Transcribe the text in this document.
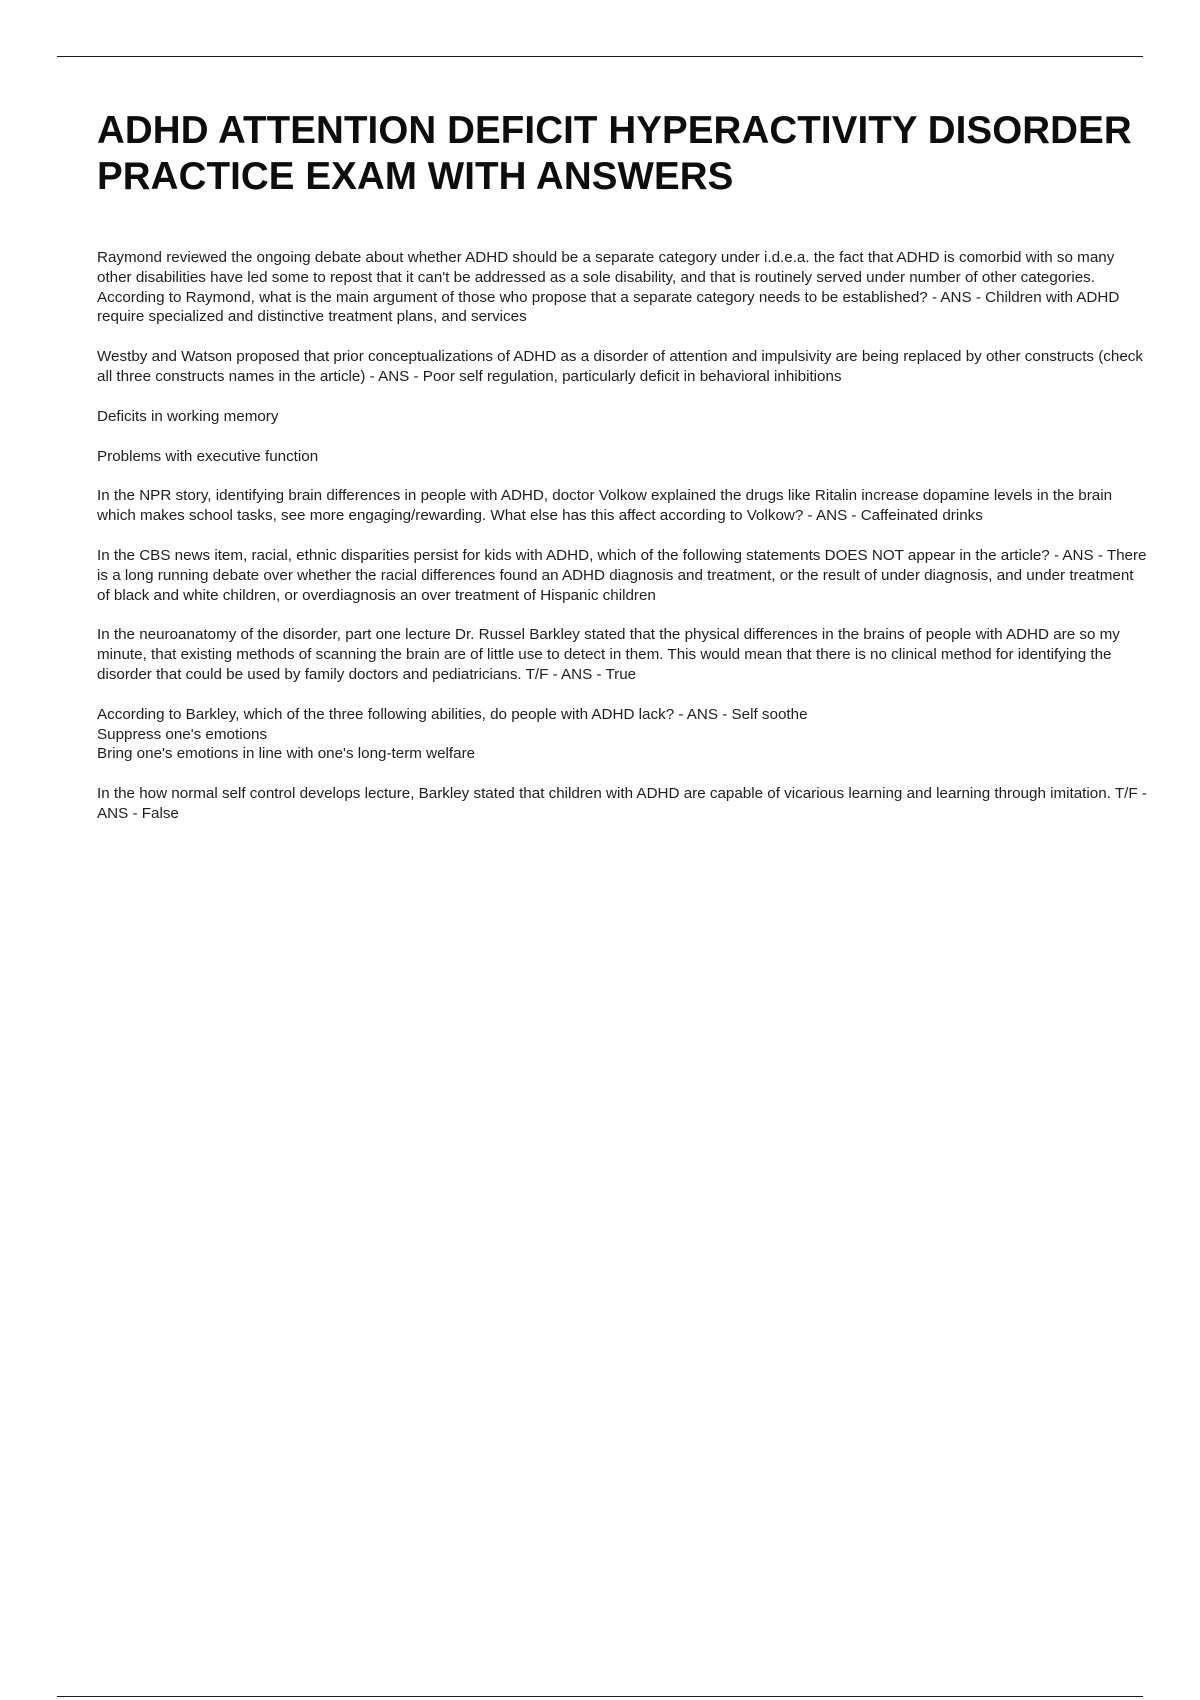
ADHD ATTENTION DEFICIT HYPERACTIVITY DISORDER PRACTICE EXAM WITH ANSWERS

Raymond reviewed the ongoing debate about whether ADHD should be a separate category under i.d.e.a. the fact that ADHD is comorbid with so many other disabilities have led some to repost that it can't be addressed as a sole disability, and that is routinely served under number of other categories. According to Raymond, what is the main argument of those who propose that a separate category needs to be established? - ANS - Children with ADHD require specialized and distinctive treatment plans, and services

Westby and Watson proposed that prior conceptualizations of ADHD as a disorder of attention and impulsivity are being replaced by other constructs (check all three constructs names in the article) - ANS - Poor self regulation, particularly deficit in behavioral inhibitions

Deficits in working memory

Problems with executive function

In the NPR story, identifying brain differences in people with ADHD, doctor Volkow explained the drugs like Ritalin increase dopamine levels in the brain which makes school tasks, see more engaging/rewarding. What else has this affect according to Volkow? - ANS - Caffeinated drinks

In the CBS news item, racial, ethnic disparities persist for kids with ADHD, which of the following statements DOES NOT appear in the article? - ANS - There is a long running debate over whether the racial differences found an ADHD diagnosis and treatment, or the result of under diagnosis, and under treatment of black and white children, or overdiagnosis an over treatment of Hispanic children

In the neuroanatomy of the disorder, part one lecture Dr. Russel Barkley stated that the physical differences in the brains of people with ADHD are so my minute, that existing methods of scanning the brain are of little use to detect in them. This would mean that there is no clinical method for identifying the disorder that could be used by family doctors and pediatricians. T/F - ANS - True

According to Barkley, which of the three following abilities, do people with ADHD lack? - ANS - Self soothe
Suppress one's emotions
Bring one's emotions in line with one's long-term welfare

In the how normal self control develops lecture, Barkley stated that children with ADHD are capable of vicarious learning and learning through imitation. T/F - ANS - False
